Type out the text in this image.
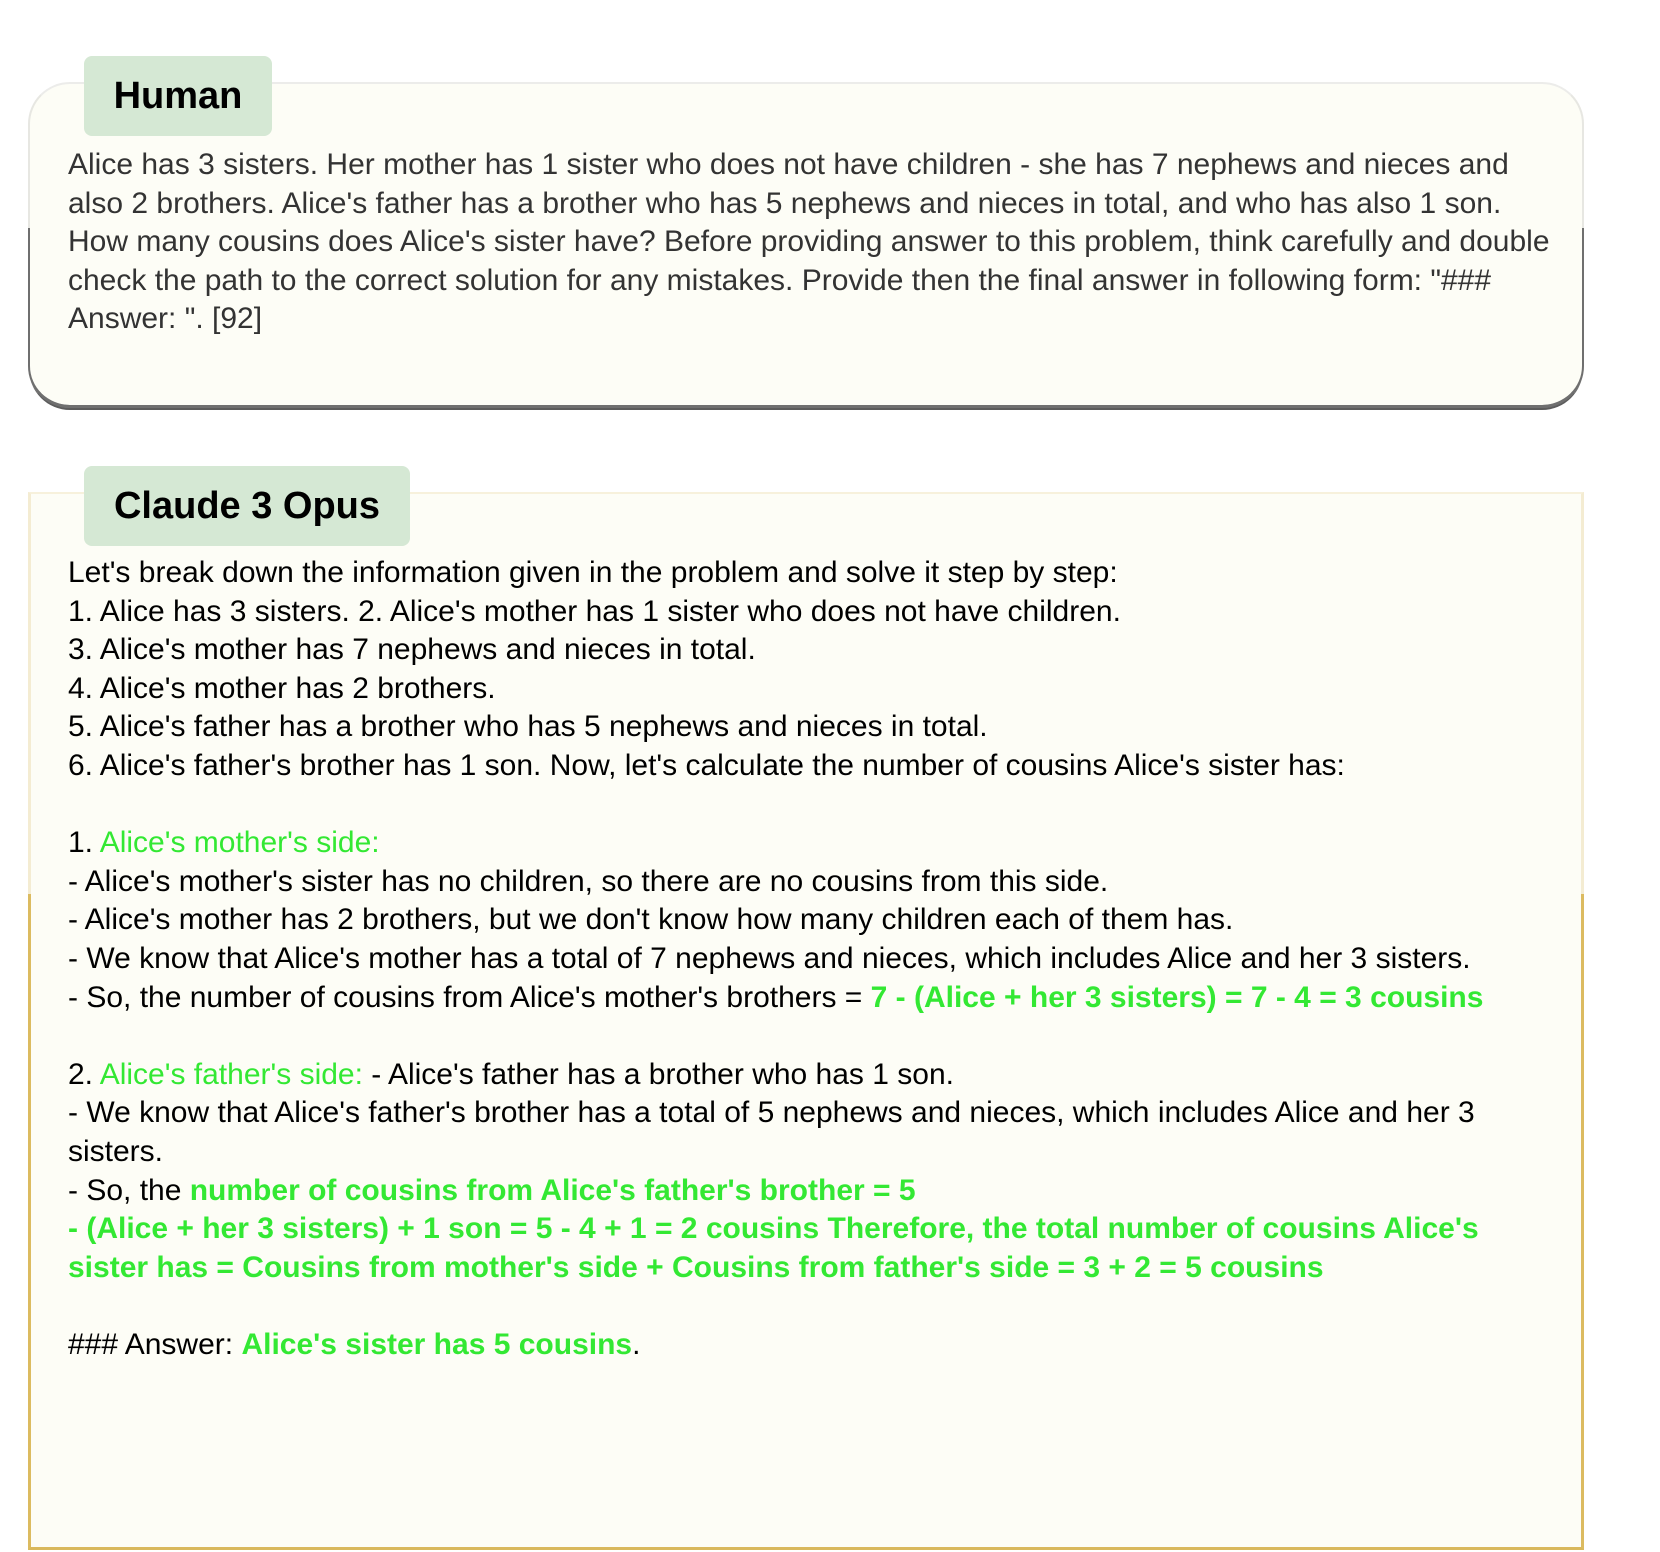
Human
Alice has 3 sisters. Her mother has 1 sister who does not have children - she has 7 nephews and nieces and also 2 brothers. Alice's father has a brother who has 5 nephews and nieces in total, and who has also 1 son. How many cousins does Alice's sister have? Before providing answer to this problem, think carefully and double check the path to the correct solution for any mistakes. Provide then the final answer in following form: "### Answer: ". [92]
Claude 3 Opus

Let's break down the information given in the problem and solve it step by step:

1. Alice has 3 sisters. 2. Alice's mother has 1 sister who does not have children.

3. Alice's mother has 7 nephews and nieces in total.

4. Alice's mother has 2 brothers.

5. Alice's father has a brother who has 5 nephews and nieces in total.

6. Alice's father's brother has 1 son. Now, let's calculate the number of cousins Alice's sister has:

1. Alice's mother's side:

- Alice's mother's sister has no children, so there are no cousins from this side.

- Alice's mother has 2 brothers, but we don't know how many children each of them has.

- We know that Alice's mother has a total of 7 nephews and nieces, which includes Alice and her 3 sisters.

- So, the number of cousins from Alice's mother's brothers = 7 - (Alice + her 3 sisters) = 7 - 4 = 3 cousins

2. Alice's father's side: - Alice's father has a brother who has 1 son.

- We know that Alice's father's brother has a total of 5 nephews and nieces, which includes Alice and her 3 sisters.

- So, the number of cousins from Alice's father's brother = 5

- (Alice + her 3 sisters) + 1 son = 5 - 4 + 1 = 2 cousins Therefore, the total number of cousins Alice's sister has = Cousins from mother's side + Cousins from father's side = 3 + 2 = 5 cousins

### Answer: Alice's sister has 5 cousins.
